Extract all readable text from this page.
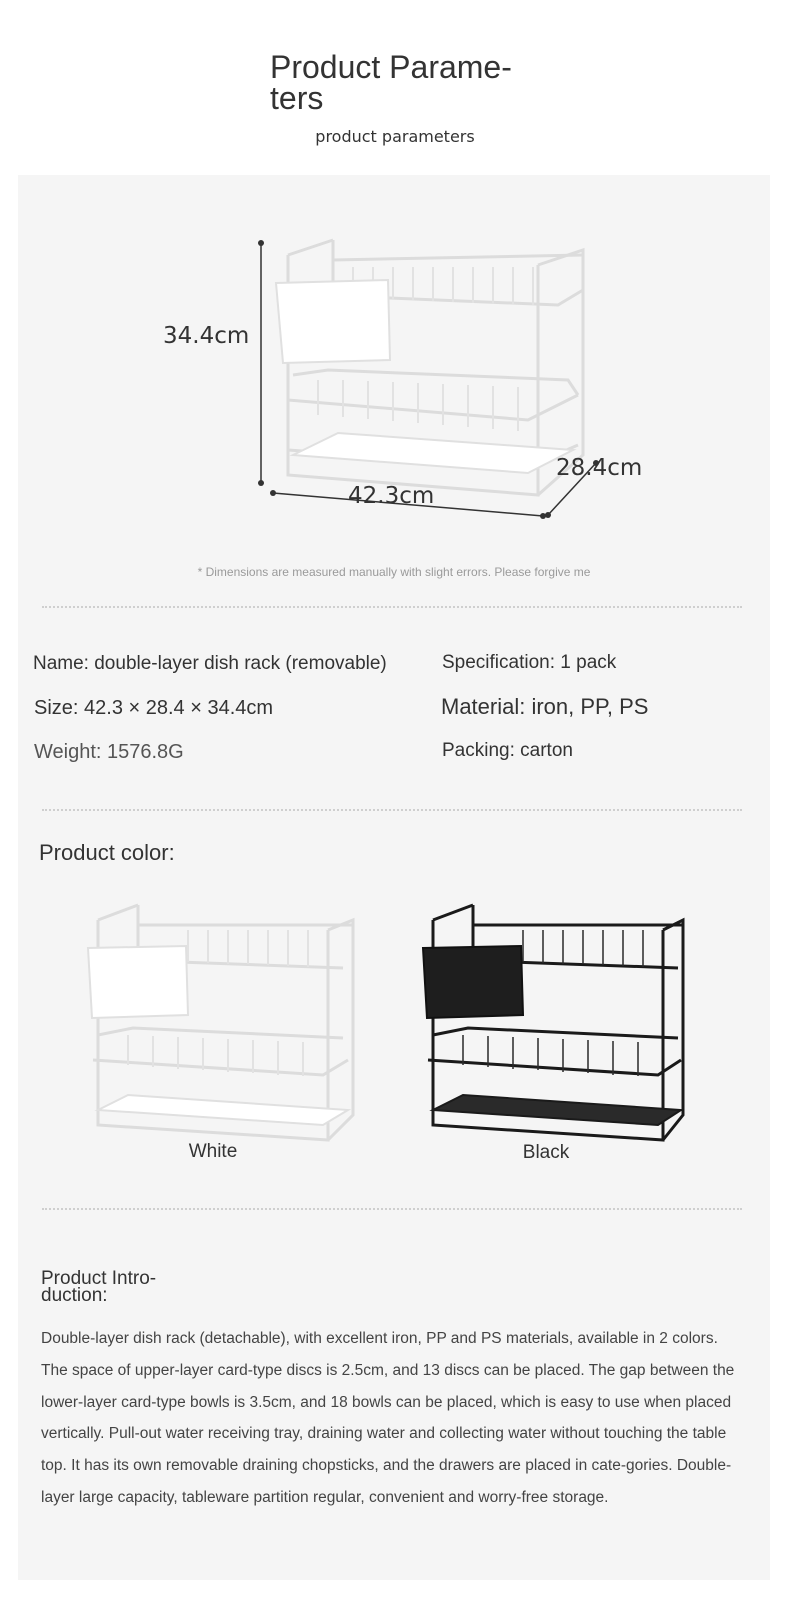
Product Parame-
ters
product parameters
34.4cm
42.3cm
28.4cm
* Dimensions are measured manually with slight errors. Please forgive me
Name: double-layer dish rack (removable)	Specification: 1 pack
Size: 42.3 × 28.4 × 34.4cm	Material: iron, PP, PS
Weight: 1576.8G	Packing: carton
Product color:
White	Black
Product Intro-
duction:
Double-layer dish rack (detachable), with excellent iron, PP and PS materials, available in 2 colors. The space of upper-layer card-type discs is 2.5cm, and 13 discs can be placed. The gap between the lower-layer card-type bowls is 3.5cm, and 18 bowls can be placed, which is easy to use when placed vertically. Pull-out water receiving tray, draining water and collecting water without touching the table top. It has its own removable draining chopsticks, and the drawers are placed in cate-gories. Double-layer large capacity, tableware partition regular, convenient and worry-free storage.
